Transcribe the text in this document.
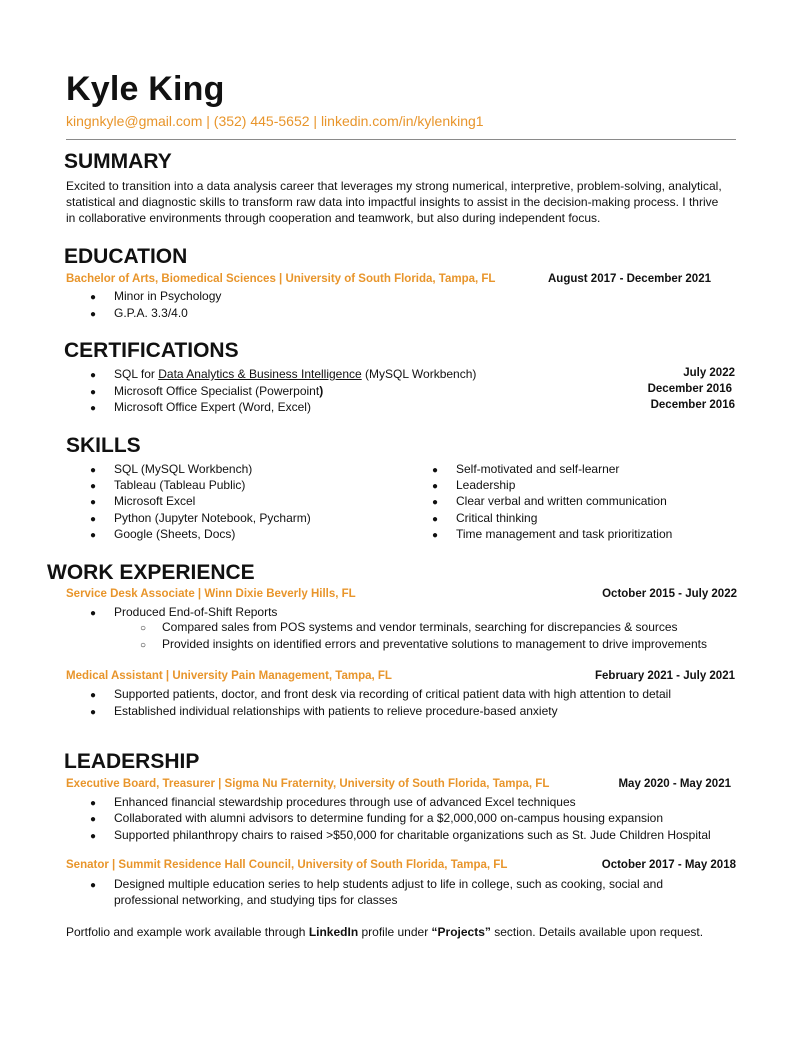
Kyle King
kingnkyle@gmail.com | (352) 445-5652 | linkedin.com/in/kylenking1
SUMMARY
Excited to transition into a data analysis career that leverages my strong numerical, interpretive, problem-solving, analytical,
statistical and diagnostic skills to transform raw data into impactful insights to assist in the decision-making process. I thrive
in collaborative environments through cooperation and teamwork, but also during independent focus.
EDUCATION
Bachelor of Arts, Biomedical Sciences | University of South Florida, Tampa, FL	August 2017 - December 2021
● Minor in Psychology
● G.P.A. 3.3/4.0
CERTIFICATIONS
● SQL for Data Analytics & Business Intelligence (MySQL Workbench)	July 2022
● Microsoft Office Specialist (Powerpoint)	December 2016
● Microsoft Office Expert (Word, Excel)	December 2016
SKILLS
● SQL (MySQL Workbench)
● Tableau (Tableau Public)
● Microsoft Excel
● Python (Jupyter Notebook, Pycharm)
● Google (Sheets, Docs)
● Self-motivated and self-learner
● Leadership
● Clear verbal and written communication
● Critical thinking
● Time management and task prioritization
WORK EXPERIENCE
Service Desk Associate | Winn Dixie Beverly Hills, FL	October 2015 - July 2022
● Produced End-of-Shift Reports
○ Compared sales from POS systems and vendor terminals, searching for discrepancies & sources
○ Provided insights on identified errors and preventative solutions to management to drive improvements
Medical Assistant | University Pain Management, Tampa, FL	February 2021 - July 2021
● Supported patients, doctor, and front desk via recording of critical patient data with high attention to detail
● Established individual relationships with patients to relieve procedure-based anxiety
LEADERSHIP
Executive Board, Treasurer | Sigma Nu Fraternity, University of South Florida, Tampa, FL	May 2020 - May 2021
● Enhanced financial stewardship procedures through use of advanced Excel techniques
● Collaborated with alumni advisors to determine funding for a $2,000,000 on-campus housing expansion
● Supported philanthropy chairs to raised >$50,000 for charitable organizations such as St. Jude Children Hospital
Senator | Summit Residence Hall Council, University of South Florida, Tampa, FL	October 2017 - May 2018
● Designed multiple education series to help students adjust to life in college, such as cooking, social and
professional networking, and studying tips for classes
Portfolio and example work available through LinkedIn profile under “Projects” section. Details available upon request.
